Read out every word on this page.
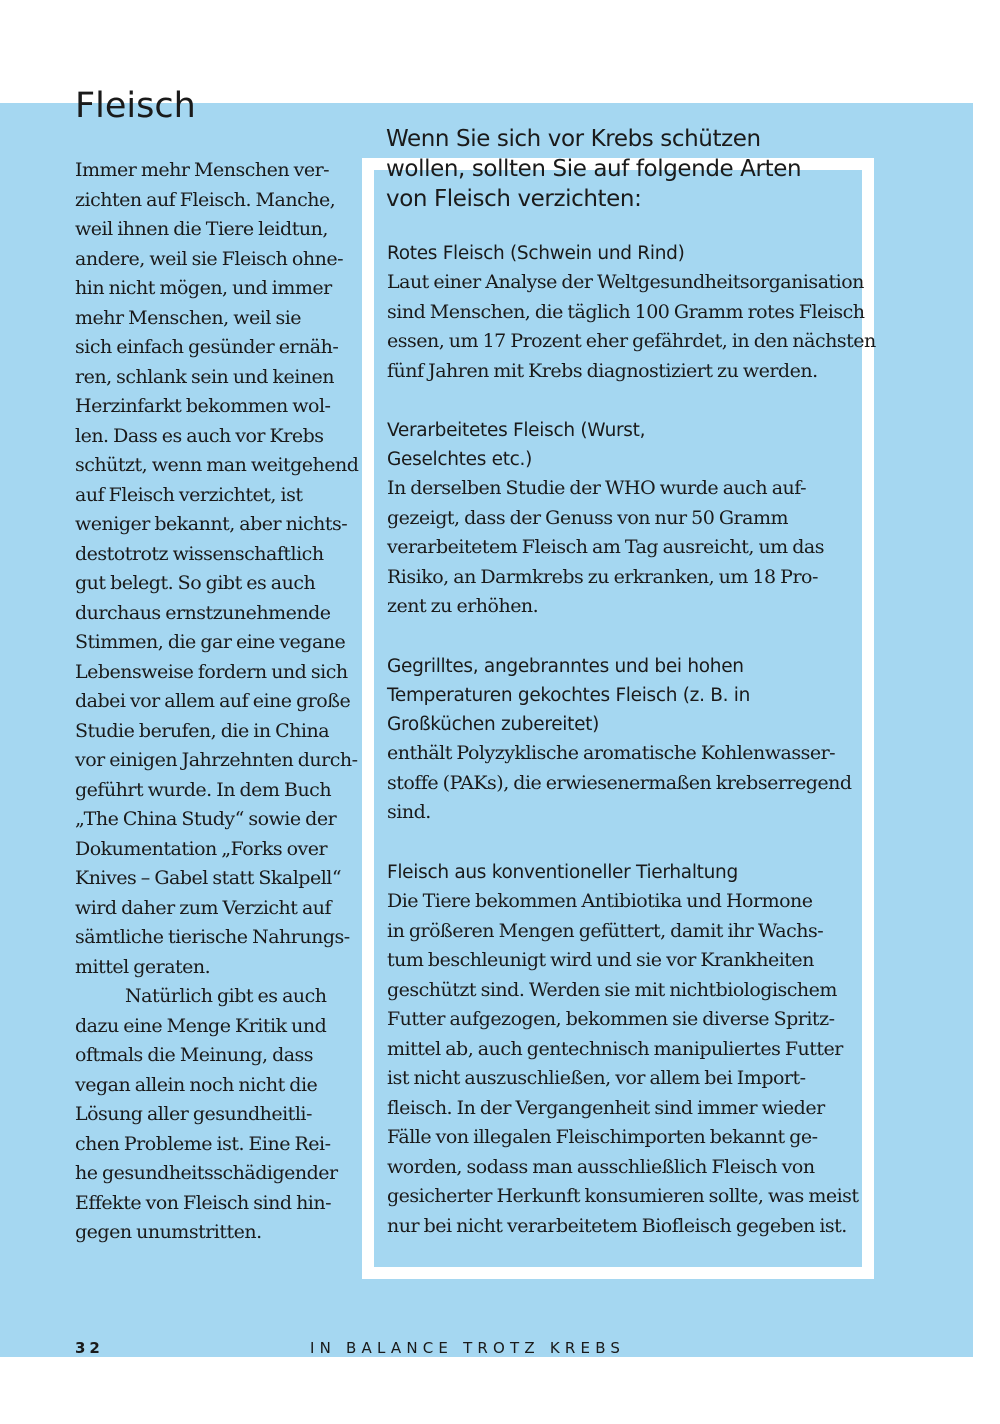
Fleisch
Immer mehr Menschen ver-
zichten auf Fleisch. Manche,
weil ihnen die Tiere leidtun,
andere, weil sie Fleisch ohne-
hin nicht mögen, und immer
mehr Menschen, weil sie
sich einfach gesünder ernäh-
ren, schlank sein und keinen
Herzinfarkt bekommen wol-
len. Dass es auch vor Krebs
schützt, wenn man weitgehend
auf Fleisch verzichtet, ist
weniger bekannt, aber nichts-
destotrotz wissenschaftlich
gut belegt. So gibt es auch
durchaus ernstzunehmende
Stimmen, die gar eine vegane
Lebensweise fordern und sich
dabei vor allem auf eine große
Studie berufen, die in China
vor einigen Jahrzehnten durch-
geführt wurde. In dem Buch
„The China Study“ sowie der
Dokumentation „Forks over
Knives – Gabel statt Skalpell“
wird daher zum Verzicht auf
sämtliche tierische Nahrungs-
mittel geraten.
Natürlich gibt es auch
dazu eine Menge Kritik und
oftmals die Meinung, dass
vegan allein noch nicht die
Lösung aller gesundheitli-
chen Probleme ist. Eine Rei-
he gesundheitsschädigender
Effekte von Fleisch sind hin-
gegen unumstritten.
Wenn Sie sich vor Krebs schützen
wollen, sollten Sie auf folgende Arten
von Fleisch verzichten:
Rotes Fleisch (Schwein und Rind)
Laut einer Analyse der Weltgesundheitsorganisation
sind Menschen, die täglich 100 Gramm rotes Fleisch
essen, um 17 Prozent eher gefährdet, in den nächsten
fünf Jahren mit Krebs diagnostiziert zu werden.
Verarbeitetes Fleisch (Wurst,
Geselchtes etc.)
In derselben Studie der WHO wurde auch auf-
gezeigt, dass der Genuss von nur 50 Gramm
verarbeitetem Fleisch am Tag ausreicht, um das
Risiko, an Darmkrebs zu erkranken, um 18 Pro-
zent zu erhöhen.
Gegrilltes, angebranntes und bei hohen
Temperaturen gekochtes Fleisch (z. B. in
Großküchen zubereitet)
enthält Polyzyklische aromatische Kohlenwasser-
stoffe (PAKs), die erwiesenermaßen krebserregend
sind.
Fleisch aus konventioneller Tierhaltung
Die Tiere bekommen Antibiotika und Hormone
in größeren Mengen gefüttert, damit ihr Wachs-
tum beschleunigt wird und sie vor Krankheiten
geschützt sind. Werden sie mit nichtbiologischem
Futter aufgezogen, bekommen sie diverse Spritz-
mittel ab, auch gentechnisch manipuliertes Futter
ist nicht auszuschließen, vor allem bei Import-
fleisch. In der Vergangenheit sind immer wieder
Fälle von illegalen Fleischimporten bekannt ge-
worden, sodass man ausschließlich Fleisch von
gesicherter Herkunft konsumieren sollte, was meist
nur bei nicht verarbeitetem Biofleisch gegeben ist.
32	IN BALANCE TROTZ KREBS
